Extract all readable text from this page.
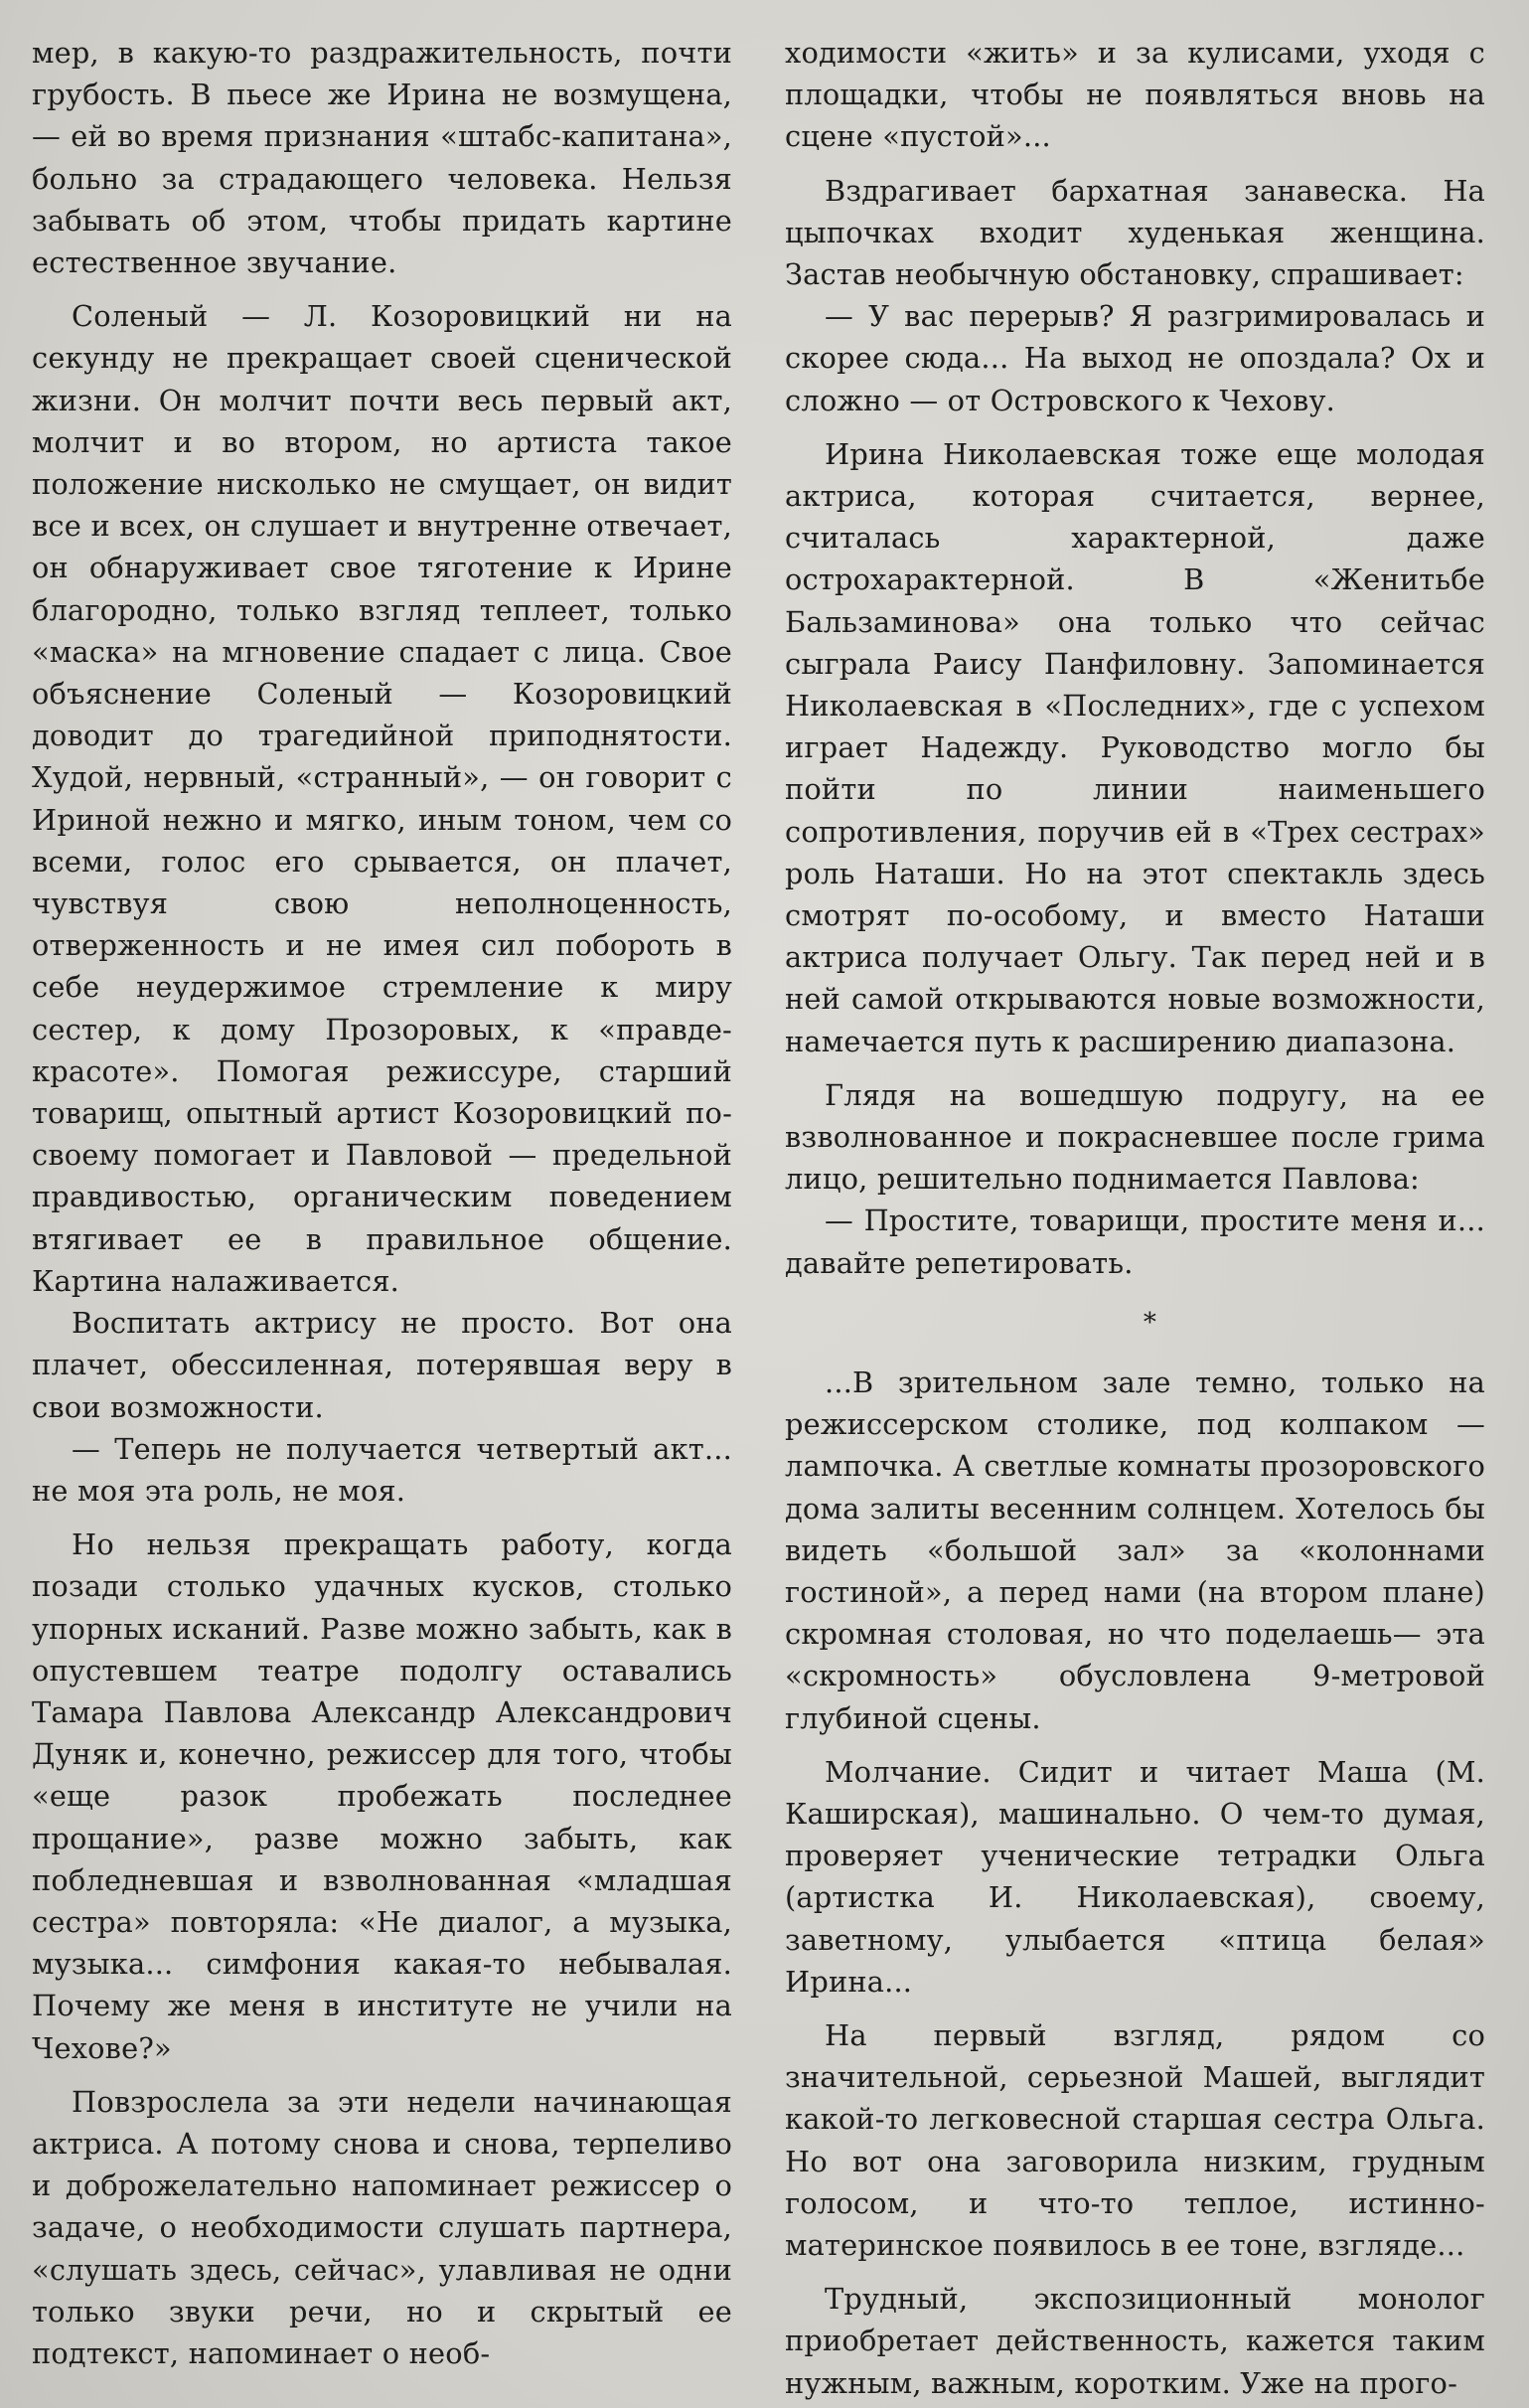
мер, в какую-то раздражительность, почти грубость. В пьесе же Ирина не возмущена, — ей во время признания «штабс-капитана», больно за страдающего человека. Нельзя забывать об этом, чтобы придать картине естественное звучание.

Соленый — Л. Козоровицкий ни на секунду не прекращает своей сценической жизни. Он молчит почти весь первый акт, молчит и во втором, но артиста такое положение нисколько не смущает, он видит все и всех, он слушает и внутренне отвечает, он обнаруживает свое тяготение к Ирине благородно, только взгляд теплеет, только «маска» на мгновение спадает с лица. Свое объяснение Соленый — Козоровицкий доводит до трагедийной приподнятости. Худой, нервный, «странный», — он говорит с Ириной нежно и мягко, иным тоном, чем со всеми, голос его срывается, он плачет, чувствуя свою неполноценность, отверженность и не имея сил побороть в себе неудержимое стремление к миру сестер, к дому Прозоровых, к «правде-красоте». Помогая режиссуре, старший товарищ, опытный артист Козоровицкий по-своему помогает и Павловой — предельной правдивостью, органическим поведением втягивает ее в правильное общение. Картина налаживается.

Воспитать актрису не просто. Вот она плачет, обессиленная, потерявшая веру в свои возможности.

— Теперь не получается четвертый акт... не моя эта роль, не моя.

Но нельзя прекращать работу, когда позади столько удачных кусков, столько упорных исканий. Разве можно забыть, как в опустевшем театре подолгу оставались Тамара Павлова Александр Александрович Дуняк и, конечно, режиссер для того, чтобы «еще разок пробежать последнее прощание», разве можно забыть, как побледневшая и взволнованная «младшая сестра» повторяла: «Не диалог, а музыка, музыка... симфония какая-то небывалая. Почему же меня в институте не учили на Чехове?»

Повзрослела за эти недели начинающая актриса. А потому снова и снова, терпеливо и доброжелательно напоминает режиссер о задаче, о необходимости слушать партнера, «слушать здесь, сейчас», улавливая не одни только звуки речи, но и скрытый ее подтекст, напоминает о необ-

ходимости «жить» и за кулисами, уходя с площадки, чтобы не появляться вновь на сцене «пустой»...

Вздрагивает бархатная занавеска. На цыпочках входит худенькая женщина. Застав необычную обстановку, спрашивает:

— У вас перерыв? Я разгримировалась и скорее сюда... На выход не опоздала? Ох и сложно — от Островского к Чехову.

Ирина Николаевская тоже еще молодая актриса, которая считается, вернее, считалась характерной, даже острохарактерной. В «Женитьбе Бальзаминова» она только что сейчас сыграла Раису Панфиловну. Запоминается Николаевская в «Последних», где с успехом играет Надежду. Руководство могло бы пойти по линии наименьшего сопротивления, поручив ей в «Трех сестрах» роль Наташи. Но на этот спектакль здесь смотрят по-особому, и вместо Наташи актриса получает Ольгу. Так перед ней и в ней самой открываются новые возможности, намечается путь к расширению диапазона.

Глядя на вошедшую подругу, на ее взволнованное и покрасневшее после грима лицо, решительно поднимается Павлова:

— Простите, товарищи, простите меня и... давайте репетировать.

*

...В зрительном зале темно, только на режиссерском столике, под колпаком — лампочка. А светлые комнаты прозоровского дома залиты весенним солнцем. Хотелось бы видеть «большой зал» за «колоннами гостиной», а перед нами (на втором плане) скромная столовая, но что поделаешь— эта «скромность» обусловлена 9-метровой глубиной сцены.

Молчание. Сидит и читает Маша (М. Каширская), машинально. О чем-то думая, проверяет ученические тетрадки Ольга (артистка И. Николаевская), своему, заветному, улыбается «птица белая» Ирина...

На первый взгляд, рядом со значительной, серьезной Машей, выглядит какой-то легковесной старшая сестра Ольга. Но вот она заговорила низким, грудным голосом, и что-то теплое, истинно-материнское появилось в ее тоне, взгляде...

Трудный, экспозиционный монолог приобретает действенность, кажется таким нужным, важным, коротким. Уже на прого-
